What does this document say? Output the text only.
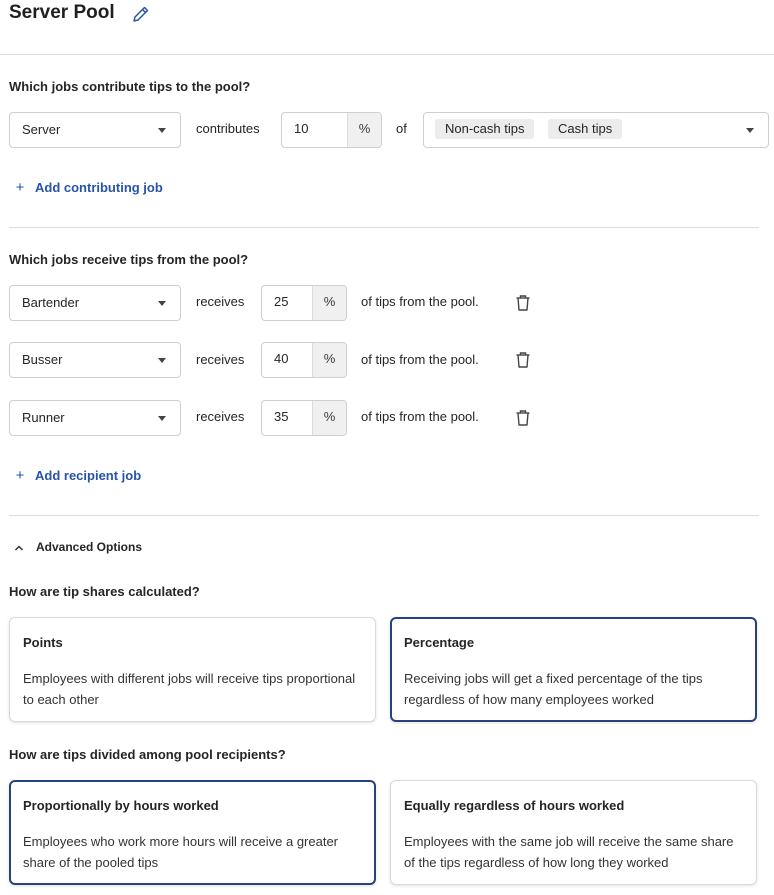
Server Pool
Which jobs contribute tips to the pool?
Server	contributes	10	%	of	Non-cash tips	Cash tips
+ Add contributing job
Which jobs receive tips from the pool?
Bartender	receives	25	%	of tips from the pool.
Busser	receives	40	%	of tips from the pool.
Runner	receives	35	%	of tips from the pool.
+ Add recipient job
Advanced Options
How are tip shares calculated?
Points
Employees with different jobs will receive tips proportional to each other
Percentage
Receiving jobs will get a fixed percentage of the tips regardless of how many employees worked
How are tips divided among pool recipients?
Proportionally by hours worked
Employees who work more hours will receive a greater share of the pooled tips
Equally regardless of hours worked
Employees with the same job will receive the same share of the tips regardless of how long they worked
